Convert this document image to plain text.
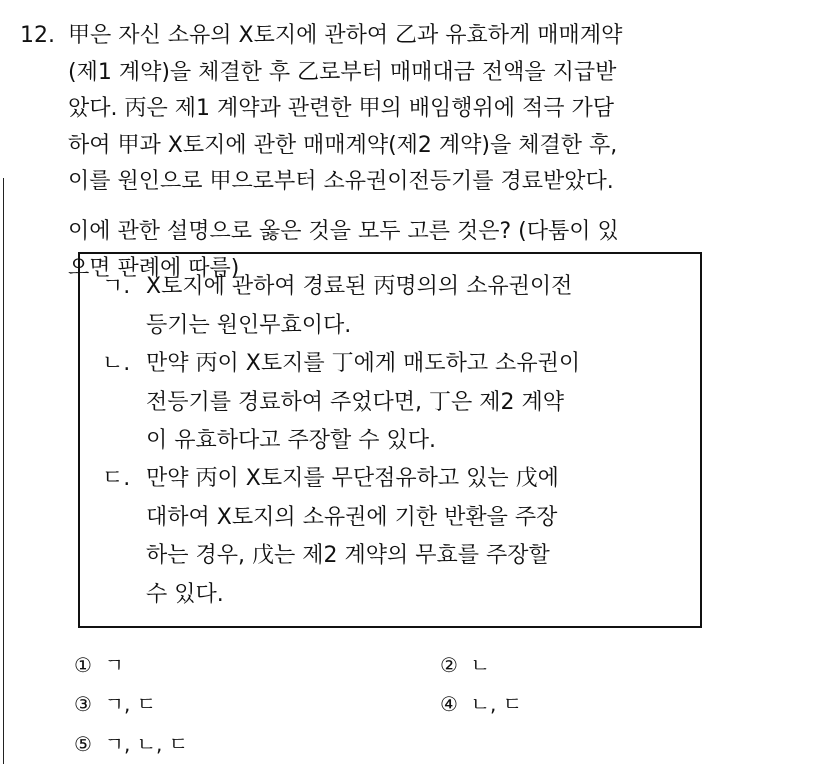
12. 甲은 자신 소유의 X토지에 관하여 乙과 유효하게 매매계약
(제1 계약)을 체결한 후 乙로부터 매매대금 전액을 지급받
았다. 丙은 제1 계약과 관련한 甲의 배임행위에 적극 가담
하여 甲과 X토지에 관한 매매계약(제2 계약)을 체결한 후,
이를 원인으로 甲으로부터 소유권이전등기를 경료받았다.
이에 관한 설명으로 옳은 것을 모두 고른 것은? (다툼이 있
으면 판례에 따름)
ㄱ. X토지에 관하여 경료된 丙명의의 소유권이전
등기는 원인무효이다.
ㄴ. 만약 丙이 X토지를 丁에게 매도하고 소유권이
전등기를 경료하여 주었다면, 丁은 제2 계약
이 유효하다고 주장할 수 있다.
ㄷ. 만약 丙이 X토지를 무단점유하고 있는 戊에
대하여 X토지의 소유권에 기한 반환을 주장
하는 경우, 戊는 제2 계약의 무효를 주장할
수 있다.
① ㄱ	② ㄴ
③ ㄱ, ㄷ	④ ㄴ, ㄷ
⑤ ㄱ, ㄴ, ㄷ
